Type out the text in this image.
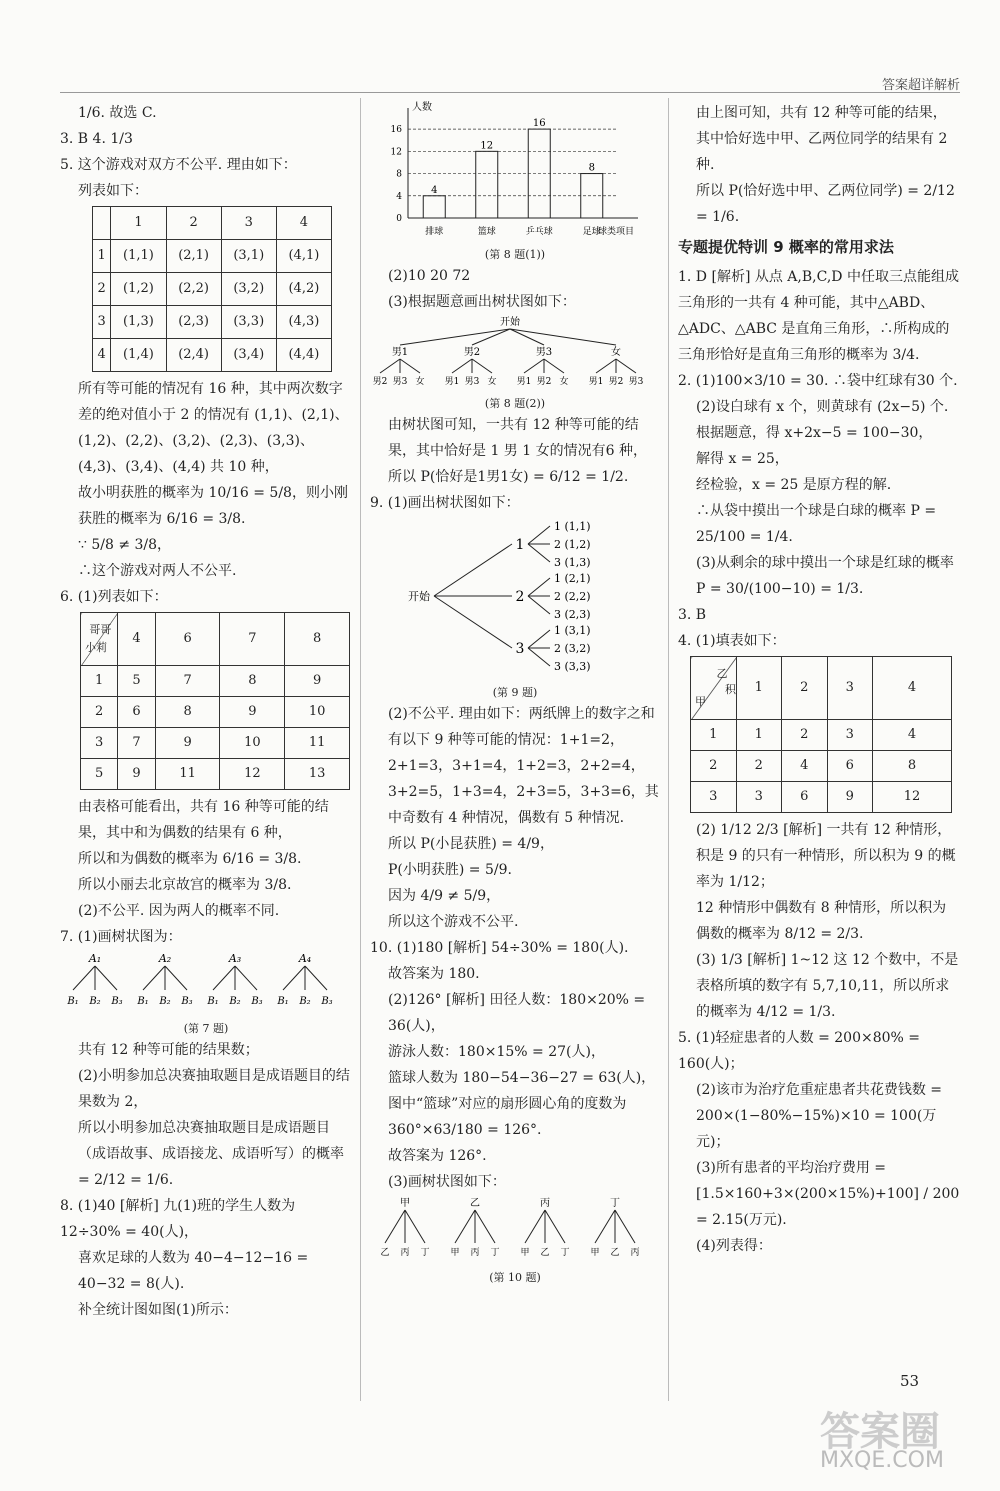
答案超详解析

1/6. 故选 C.

3. B 4. 1/3

5. 这个游戏对双方不公平. 理由如下：

列表如下：

	1	2	3	4
1	(1,1)	(2,1)	(3,1)	(4,1)
2	(1,2)	(2,2)	(3,2)	(4,2)
3	(1,3)	(2,3)	(3,3)	(4,3)
4	(1,4)	(2,4)	(3,4)	(4,4)

所有等可能的情况有 16 种，其中两次数字差的绝对值小于 2 的情况有 (1,1)、(2,1)、(1,2)、(2,2)、(3,2)、(2,3)、(3,3)、(4,3)、(3,4)、(4,4) 共 10 种，

故小明获胜的概率为 10/16 = 5/8，则小刚获胜的概率为 6/16 = 3/8.

∵ 5/8 ≠ 3/8，

∴这个游戏对两人不公平.

6. (1)列表如下：

哥哥
小莉	4	6	7	8
1	5	7	8	9
2	6	8	9	10
3	7	9	10	11
5	9	11	12	13

由表格可能看出，共有 16 种等可能的结果，其中和为偶数的结果有 6 种，

所以和为偶数的概率为 6/16 = 3/8.

所以小丽去北京故宫的概率为 3/8.

(2)不公平. 因为两人的概率不同.

7. (1)画树状图为：

A₁
B₁ B₂ B₃
A₂
B₁ B₂ B₃
A₃
B₁ B₂ B₃
A₄
B₁ B₂ B₃
(第 7 题)

共有 12 种等可能的结果数；

(2)小明参加总决赛抽取题目是成语题目的结果数为 2，

所以小明参加总决赛抽取题目是成语题目（成语故事、成语接龙、成语听写）的概率 = 2/12 = 1/6.

8. (1)40 [解析] 九(1)班的学生人数为 12÷30% = 40(人)，

喜欢足球的人数为 40−4−12−16 = 40−32 = 8(人).

补全统计图如图(1)所示：

人数
球类项目
0
4
8
12
16
4
排球
12
篮球
16
乒乓球
8
足球
(第 8 题(1))

(2)10 20 72

(3)根据题意画出树状图如下：

开始
男1
男2 男3 女
男2
男1 男3 女
男3
男1 男2 女
女
男1 男2 男3
(第 8 题(2))

由树状图可知，一共有 12 种等可能的结果，其中恰好是 1 男 1 女的情况有6 种，

所以 P(恰好是1男1女) = 6/12 = 1/2.

9. (1)画出树状图如下：

开始
1
1 (1,1)
2 (1,2)
3 (1,3)
2
1 (2,1)
2 (2,2)
3 (2,3)
3
1 (3,1)
2 (3,2)
3 (3,3)
(第 9 题)

(2)不公平. 理由如下：两纸牌上的数字之和有以下 9 种等可能的情况：1+1=2，2+1=3，3+1=4，1+2=3，2+2=4，3+2=5，1+3=4，2+3=5，3+3=6，其中奇数有 4 种情况，偶数有 5 种情况.

所以 P(小昆获胜) = 4/9，

P(小明获胜) = 5/9.

因为 4/9 ≠ 5/9，

所以这个游戏不公平.

10. (1)180 [解析] 54÷30% = 180(人).

故答案为 180.

(2)126° [解析] 田径人数：180×20% = 36(人)，

游泳人数：180×15% = 27(人)，

篮球人数为 180−54−36−27 = 63(人)，

图中“篮球”对应的扇形圆心角的度数为 360°×63/180 = 126°.

故答案为 126°.

(3)画树状图如下：

甲
乙 丙 丁
乙
甲 丙 丁
丙
甲 乙 丁
丁
甲 乙 丙
(第 10 题)

由上图可知，共有 12 种等可能的结果，其中恰好选中甲、乙两位同学的结果有 2 种.

所以 P(恰好选中甲、乙两位同学) = 2/12 = 1/6.

专题提优特训 9 概率的常用求法

1. D [解析] 从点 A,B,C,D 中任取三点能组成三角形的一共有 4 种可能，其中△ABD、△ADC、△ABC 是直角三角形，∴所构成的三角形恰好是直角三角形的概率为 3/4.

2. (1)100×3/10 = 30. ∴袋中红球有30 个.

(2)设白球有 x 个，则黄球有 (2x−5) 个.

根据题意，得 x+2x−5 = 100−30，

解得 x = 25，

经检验，x = 25 是原方程的解.

∴从袋中摸出一个球是白球的概率 P = 25/100 = 1/4.

(3)从剩余的球中摸出一个球是红球的概率 P = 30/(100−10) = 1/3.

3. B

4. (1)填表如下：

乙
积
甲	1	2	3	4
1	1	2	3	4
2	2	4	6	8
3	3	6	9	12

(2) 1/12 2/3 [解析] 一共有 12 种情形，积是 9 的只有一种情形，所以积为 9 的概率为 1/12；

12 种情形中偶数有 8 种情形，所以积为偶数的概率为 8/12 = 2/3.

(3) 1/3 [解析] 1~12 这 12 个数中，不是表格所填的数字有 5,7,10,11，所以所求的概率为 4/12 = 1/3.

5. (1)轻症患者的人数 = 200×80% = 160(人)；

(2)该市为治疗危重症患者共花费钱数 = 200×(1−80%−15%)×10 = 100(万元)；

(3)所有患者的平均治疗费用 = [1.5×160+3×(200×15%)+100] / 200 = 2.15(万元).

(4)列表得：

53
答案圈
MXQE.COM
